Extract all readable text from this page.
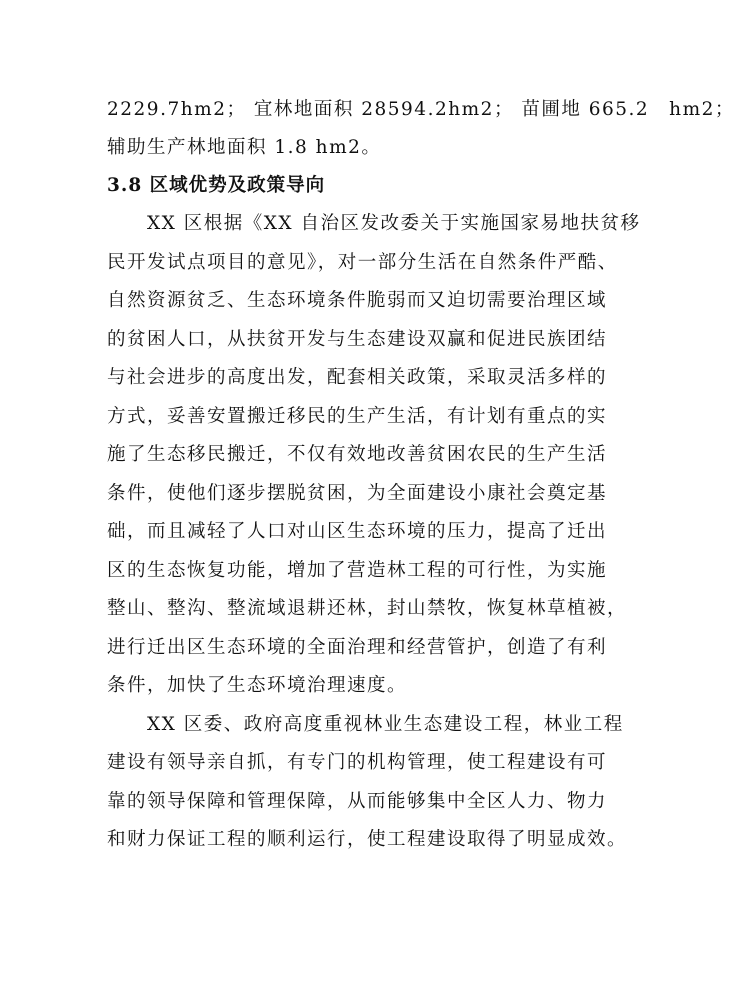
2229.7hm2； 宜林地面积 28594.2hm2； 苗圃地 665.2　hm2；
辅助生产林地面积 1.8 hm2。
3.8 区域优势及政策导向
　　XX 区根据《XX 自治区发改委关于实施国家易地扶贫移
民开发试点项目的意见》，对一部分生活在自然条件严酷、
自然资源贫乏、生态环境条件脆弱而又迫切需要治理区域
的贫困人口，从扶贫开发与生态建设双赢和促进民族团结
与社会进步的高度出发，配套相关政策，采取灵活多样的
方式，妥善安置搬迁移民的生产生活，有计划有重点的实
施了生态移民搬迁，不仅有效地改善贫困农民的生产生活
条件，使他们逐步摆脱贫困，为全面建设小康社会奠定基
础，而且减轻了人口对山区生态环境的压力，提高了迁出
区的生态恢复功能，增加了营造林工程的可行性，为实施
整山、整沟、整流域退耕还林，封山禁牧，恢复林草植被，
进行迁出区生态环境的全面治理和经营管护，创造了有利
条件，加快了生态环境治理速度。
　　XX 区委、政府高度重视林业生态建设工程，林业工程
建设有领导亲自抓，有专门的机构管理，使工程建设有可
靠的领导保障和管理保障，从而能够集中全区人力、物力
和财力保证工程的顺利运行，使工程建设取得了明显成效。
